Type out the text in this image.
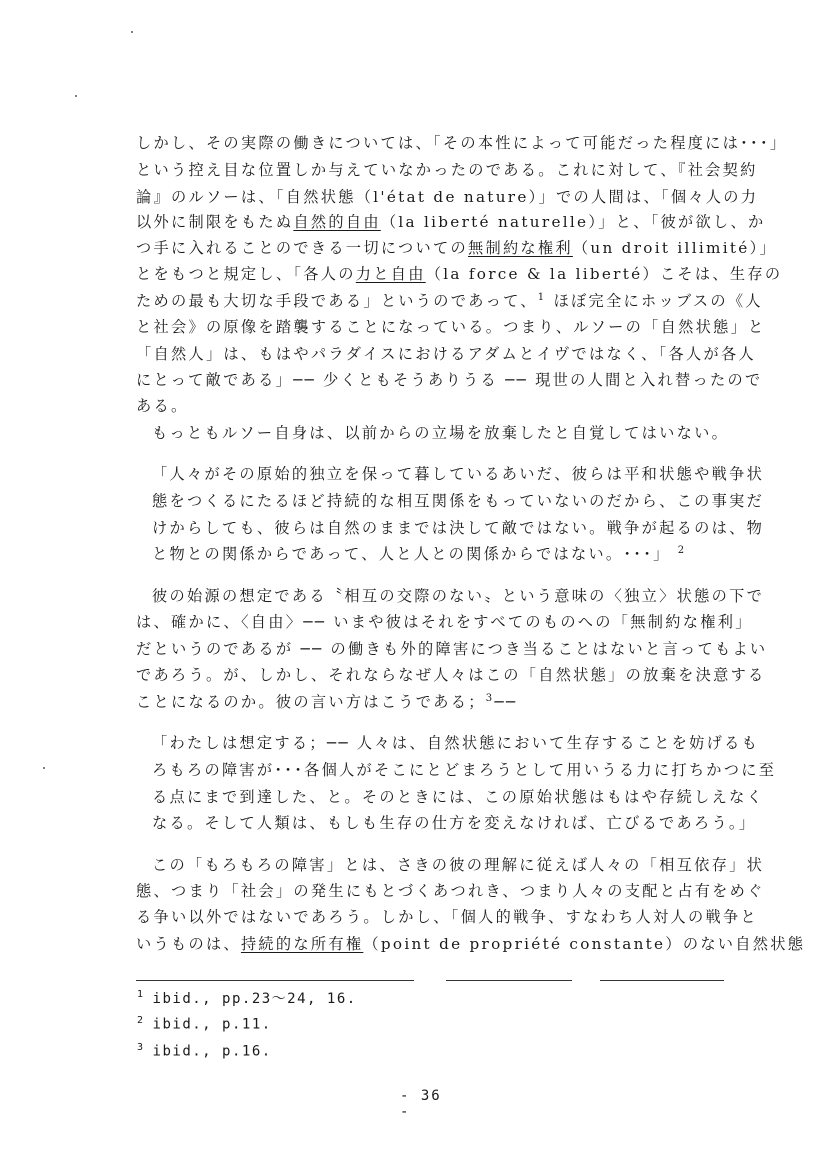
しかし、その実際の働きについては、「その本性によって可能だった程度には･･･」
という控え目な位置しか与えていなかったのである。これに対して、『社会契約
論』のルソーは、「自然状態（l'état de nature）」での人間は、「個々人の力
以外に制限をもたぬ自然的自由（la liberté naturelle）」と、「彼が欲し、か
つ手に入れることのできる一切についての無制約な権利（un droit illimité）」
とをもつと規定し、「各人の力と自由（la force & la liberté）こそは、生存の
ための最も大切な手段である」というのであって、$^1$ ほぼ完全にホッブスの《人
と社会》の原像を踏襲することになっている。つまり、ルソーの「自然状態」と
「自然人」は、もはやパラダイスにおけるアダムとイヴではなく、「各人が各人
にとって敵である」── 少くともそうありうる ── 現世の人間と入れ替ったので
ある。
もっともルソー自身は、以前からの立場を放棄したと自覚してはいない。
「人々がその原始的独立を保って暮しているあいだ、彼らは平和状態や戦争状
態をつくるにたるほど持続的な相互関係をもっていないのだから、この事実だ
けからしても、彼らは自然のままでは決して敵ではない。戦争が起るのは、物
と物との関係からであって、人と人との関係からではない。･･･」 $^2$
彼の始源の想定である〝相互の交際のない〟という意味の〈独立〉状態の下で
は、確かに、〈自由〉── いまや彼はそれをすべてのものへの「無制約な権利」
だというのであるが ── の働きも外的障害につき当ることはないと言ってもよい
であろう。が、しかし、それならなぜ人々はこの「自然状態」の放棄を決意する
ことになるのか。彼の言い方はこうである；$^3$──
「わたしは想定する；── 人々は、自然状態において生存することを妨げるも
ろもろの障害が･･･各個人がそこにとどまろうとして用いうる力に打ちかつに至
る点にまで到達した、と。そのときには、この原始状態はもはや存続しえなく
なる。そして人類は、もしも生存の仕方を変えなければ、亡びるであろう。」
この「もろもろの障害」とは、さきの彼の理解に従えば人々の「相互依存」状
態、つまり「社会」の発生にもとづくあつれき、つまり人々の支配と占有をめぐ
る争い以外ではないであろう。しかし、「個人的戦争、すなわち人対人の戦争と
いうものは、持続的な所有権（point de propriété constante）のない自然状態
$^1$ ibid., pp.23～24, 16.
$^2$ ibid., p.11.
$^3$ ibid., p.16.
- 36 -
